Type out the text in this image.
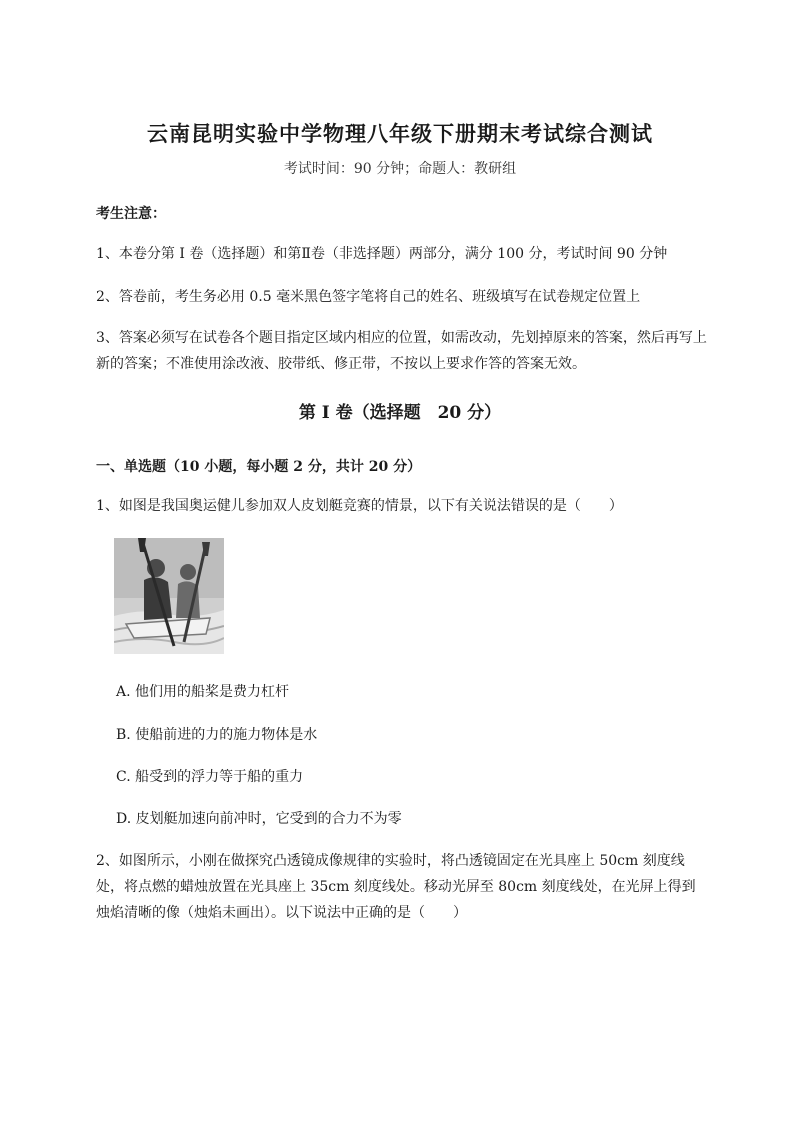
云南昆明实验中学物理八年级下册期末考试综合测试
考试时间：90 分钟；命题人：教研组
考生注意：
1、本卷分第 I 卷（选择题）和第Ⅱ卷（非选择题）两部分，满分 100 分，考试时间 90 分钟
2、答卷前，考生务必用 0.5 毫米黑色签字笔将自己的姓名、班级填写在试卷规定位置上
3、答案必须写在试卷各个题目指定区域内相应的位置，如需改动，先划掉原来的答案，然后再写上新的答案；不准使用涂改液、胶带纸、修正带，不按以上要求作答的答案无效。
第 I 卷（选择题　20 分）
一、单选题（10 小题，每小题 2 分，共计 20 分）
1、如图是我国奥运健儿参加双人皮划艇竞赛的情景，以下有关说法错误的是（　　）
A. 他们用的船桨是费力杠杆
B. 使船前进的力的施力物体是水
C. 船受到的浮力等于船的重力
D. 皮划艇加速向前冲时，它受到的合力不为零
2、如图所示，小刚在做探究凸透镜成像规律的实验时，将凸透镜固定在光具座上 50cm 刻度线处，将点燃的蜡烛放置在光具座上 35cm 刻度线处。移动光屏至 80cm 刻度线处，在光屏上得到烛焰清晰的像（烛焰未画出）。以下说法中正确的是（　　）
